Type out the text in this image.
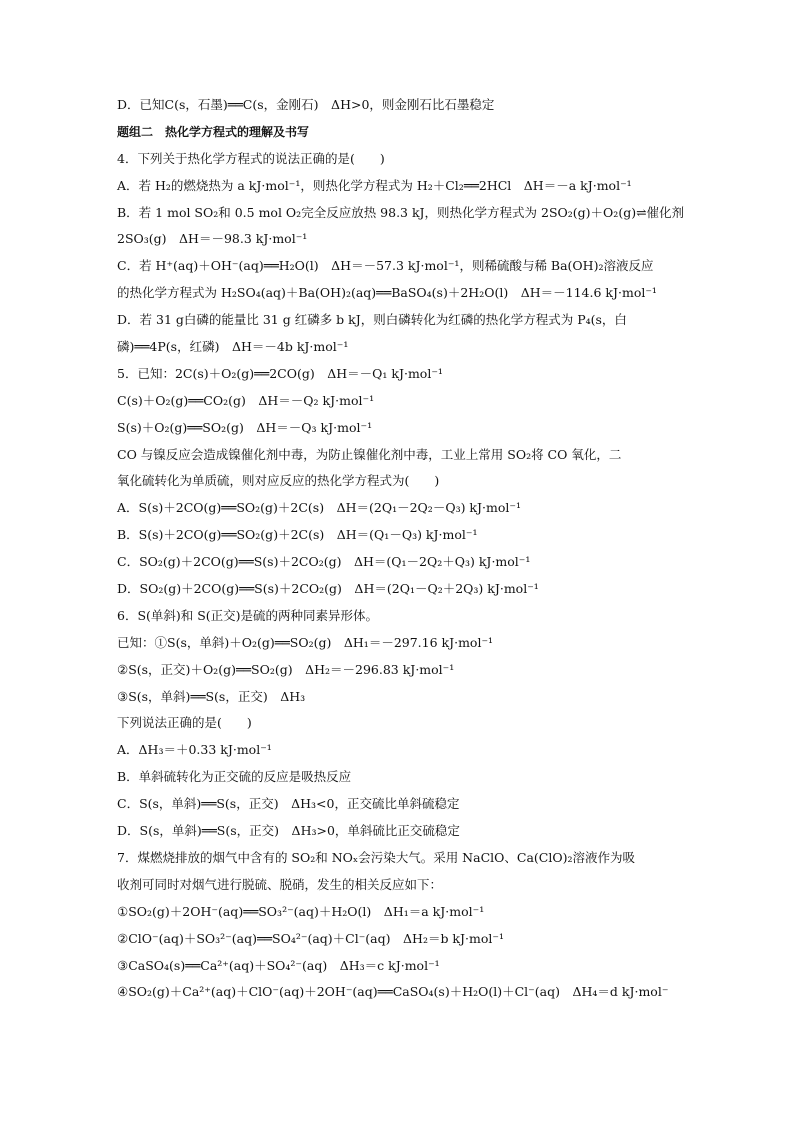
D．已知C(s，石墨)══C(s，金刚石)　ΔH>0，则金刚石比石墨稳定
题组二　热化学方程式的理解及书写
4．下列关于热化学方程式的说法正确的是(　　)
A．若 H₂的燃烧热为 a kJ·mol⁻¹，则热化学方程式为 H₂＋Cl₂══2HCl　ΔH＝－a kJ·mol⁻¹
B．若 1 mol SO₂和 0.5 mol O₂完全反应放热 98.3 kJ，则热化学方程式为 2SO₂(g)＋O₂(g)⇌催化剂
2SO₃(g)　ΔH＝－98.3 kJ·mol⁻¹
C．若 H⁺(aq)＋OH⁻(aq)══H₂O(l)　ΔH＝－57.3 kJ·mol⁻¹，则稀硫酸与稀 Ba(OH)₂溶液反应
的热化学方程式为 H₂SO₄(aq)＋Ba(OH)₂(aq)══BaSO₄(s)＋2H₂O(l)　ΔH＝－114.6 kJ·mol⁻¹
D．若 31 g白磷的能量比 31 g 红磷多 b kJ，则白磷转化为红磷的热化学方程式为 P₄(s，白
磷)══4P(s，红磷)　ΔH＝－4b kJ·mol⁻¹
5．已知：2C(s)＋O₂(g)══2CO(g)　ΔH＝－Q₁ kJ·mol⁻¹
C(s)＋O₂(g)══CO₂(g)　ΔH＝－Q₂ kJ·mol⁻¹
S(s)＋O₂(g)══SO₂(g)　ΔH＝－Q₃ kJ·mol⁻¹
CO 与镍反应会造成镍催化剂中毒，为防止镍催化剂中毒，工业上常用 SO₂将 CO 氧化，二
氧化硫转化为单质硫，则对应反应的热化学方程式为(　　)
A．S(s)＋2CO(g)══SO₂(g)＋2C(s)　ΔH＝(2Q₁－2Q₂－Q₃) kJ·mol⁻¹
B．S(s)＋2CO(g)══SO₂(g)＋2C(s)　ΔH＝(Q₁－Q₃) kJ·mol⁻¹
C．SO₂(g)＋2CO(g)══S(s)＋2CO₂(g)　ΔH＝(Q₁－2Q₂＋Q₃) kJ·mol⁻¹
D．SO₂(g)＋2CO(g)══S(s)＋2CO₂(g)　ΔH＝(2Q₁－Q₂＋2Q₃) kJ·mol⁻¹
6．S(单斜)和 S(正交)是硫的两种同素异形体。
已知：①S(s，单斜)＋O₂(g)══SO₂(g)　ΔH₁＝－297.16 kJ·mol⁻¹
②S(s，正交)＋O₂(g)══SO₂(g)　ΔH₂＝－296.83 kJ·mol⁻¹
③S(s，单斜)══S(s，正交)　ΔH₃
下列说法正确的是(　　)
A．ΔH₃＝＋0.33 kJ·mol⁻¹
B．单斜硫转化为正交硫的反应是吸热反应
C．S(s，单斜)══S(s，正交)　ΔH₃<0，正交硫比单斜硫稳定
D．S(s，单斜)══S(s，正交)　ΔH₃>0，单斜硫比正交硫稳定
7．煤燃烧排放的烟气中含有的 SO₂和 NOₓ会污染大气。采用 NaClO、Ca(ClO)₂溶液作为吸
收剂可同时对烟气进行脱硫、脱硝，发生的相关反应如下：
①SO₂(g)＋2OH⁻(aq)══SO₃²⁻(aq)＋H₂O(l)　ΔH₁＝a kJ·mol⁻¹
②ClO⁻(aq)＋SO₃²⁻(aq)══SO₄²⁻(aq)＋Cl⁻(aq)　ΔH₂＝b kJ·mol⁻¹
③CaSO₄(s)══Ca²⁺(aq)＋SO₄²⁻(aq)　ΔH₃＝c kJ·mol⁻¹
④SO₂(g)＋Ca²⁺(aq)＋ClO⁻(aq)＋2OH⁻(aq)══CaSO₄(s)＋H₂O(l)＋Cl⁻(aq)　ΔH₄＝d kJ·mol⁻
